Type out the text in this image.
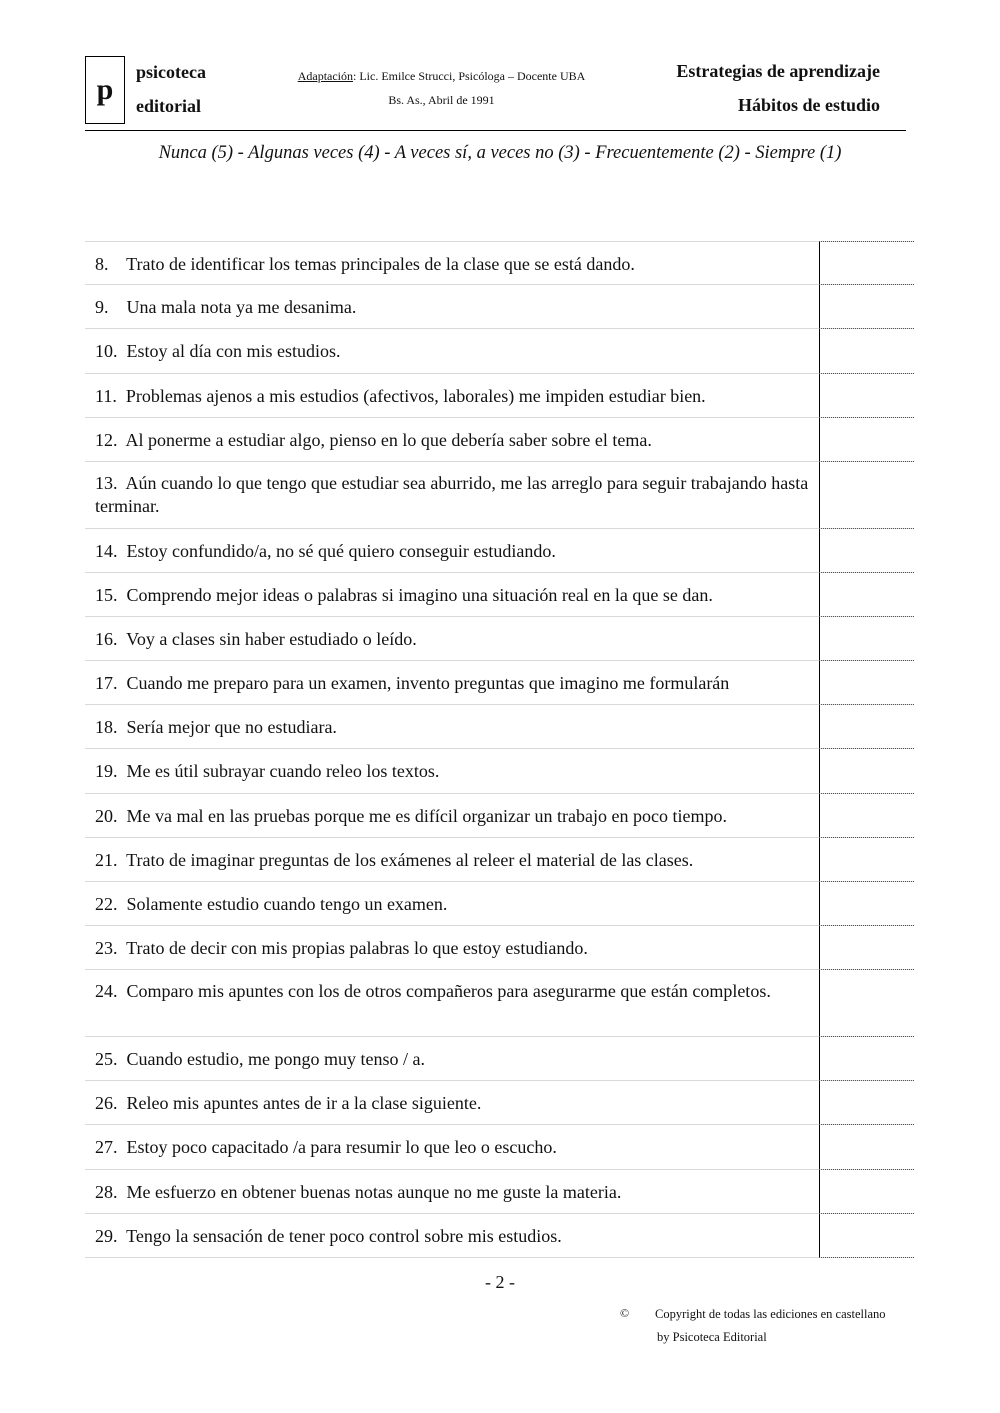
p
psicoteca
editorial
Adaptación: Lic. Emilce Strucci, Psicóloga – Docente UBA
Bs. As., Abril de 1991
Estrategias de aprendizaje
Hábitos de estudio
Nunca (5) - Algunas veces (4) - A veces sí, a veces no (3) - Frecuentemente (2) - Siempre (1)
8.    Trato de identificar los temas principales de la clase que se está dando.
9.    Una mala nota ya me desanima.
10.  Estoy al día con mis estudios.
11.  Problemas ajenos a mis estudios (afectivos, laborales) me impiden estudiar bien.
12.  Al ponerme a estudiar algo, pienso en lo que debería saber sobre el tema.
13.  Aún cuando lo que tengo que estudiar sea aburrido, me las arreglo para seguir trabajando hasta terminar.
14.  Estoy confundido/a, no sé qué quiero conseguir estudiando.
15.  Comprendo mejor ideas o palabras si imagino una situación real en la que se dan.
16.  Voy a clases sin haber estudiado o leído.
17.  Cuando me preparo para un examen, invento preguntas que imagino me formularán
18.  Sería mejor que no estudiara.
19.  Me es útil subrayar cuando releo los textos.
20.  Me va mal en las pruebas porque me es difícil organizar un trabajo en poco tiempo.
21.  Trato de imaginar preguntas de los exámenes al releer el material de las clases.
22.  Solamente estudio cuando tengo un examen.
23.  Trato de decir con mis propias palabras lo que estoy estudiando.
24.  Comparo mis apuntes con los de otros compañeros para asegurarme que están completos.
25.  Cuando estudio, me pongo muy tenso / a.
26.  Releo mis apuntes antes de ir a la clase siguiente.
27.  Estoy poco capacitado /a para resumir lo que leo o escucho.
28.  Me esfuerzo en obtener buenas notas aunque no me guste la materia.
29.  Tengo la sensación de tener poco control sobre mis estudios.
- 2 -
© Copyright de todas las ediciones en castellano
by Psicoteca Editorial
